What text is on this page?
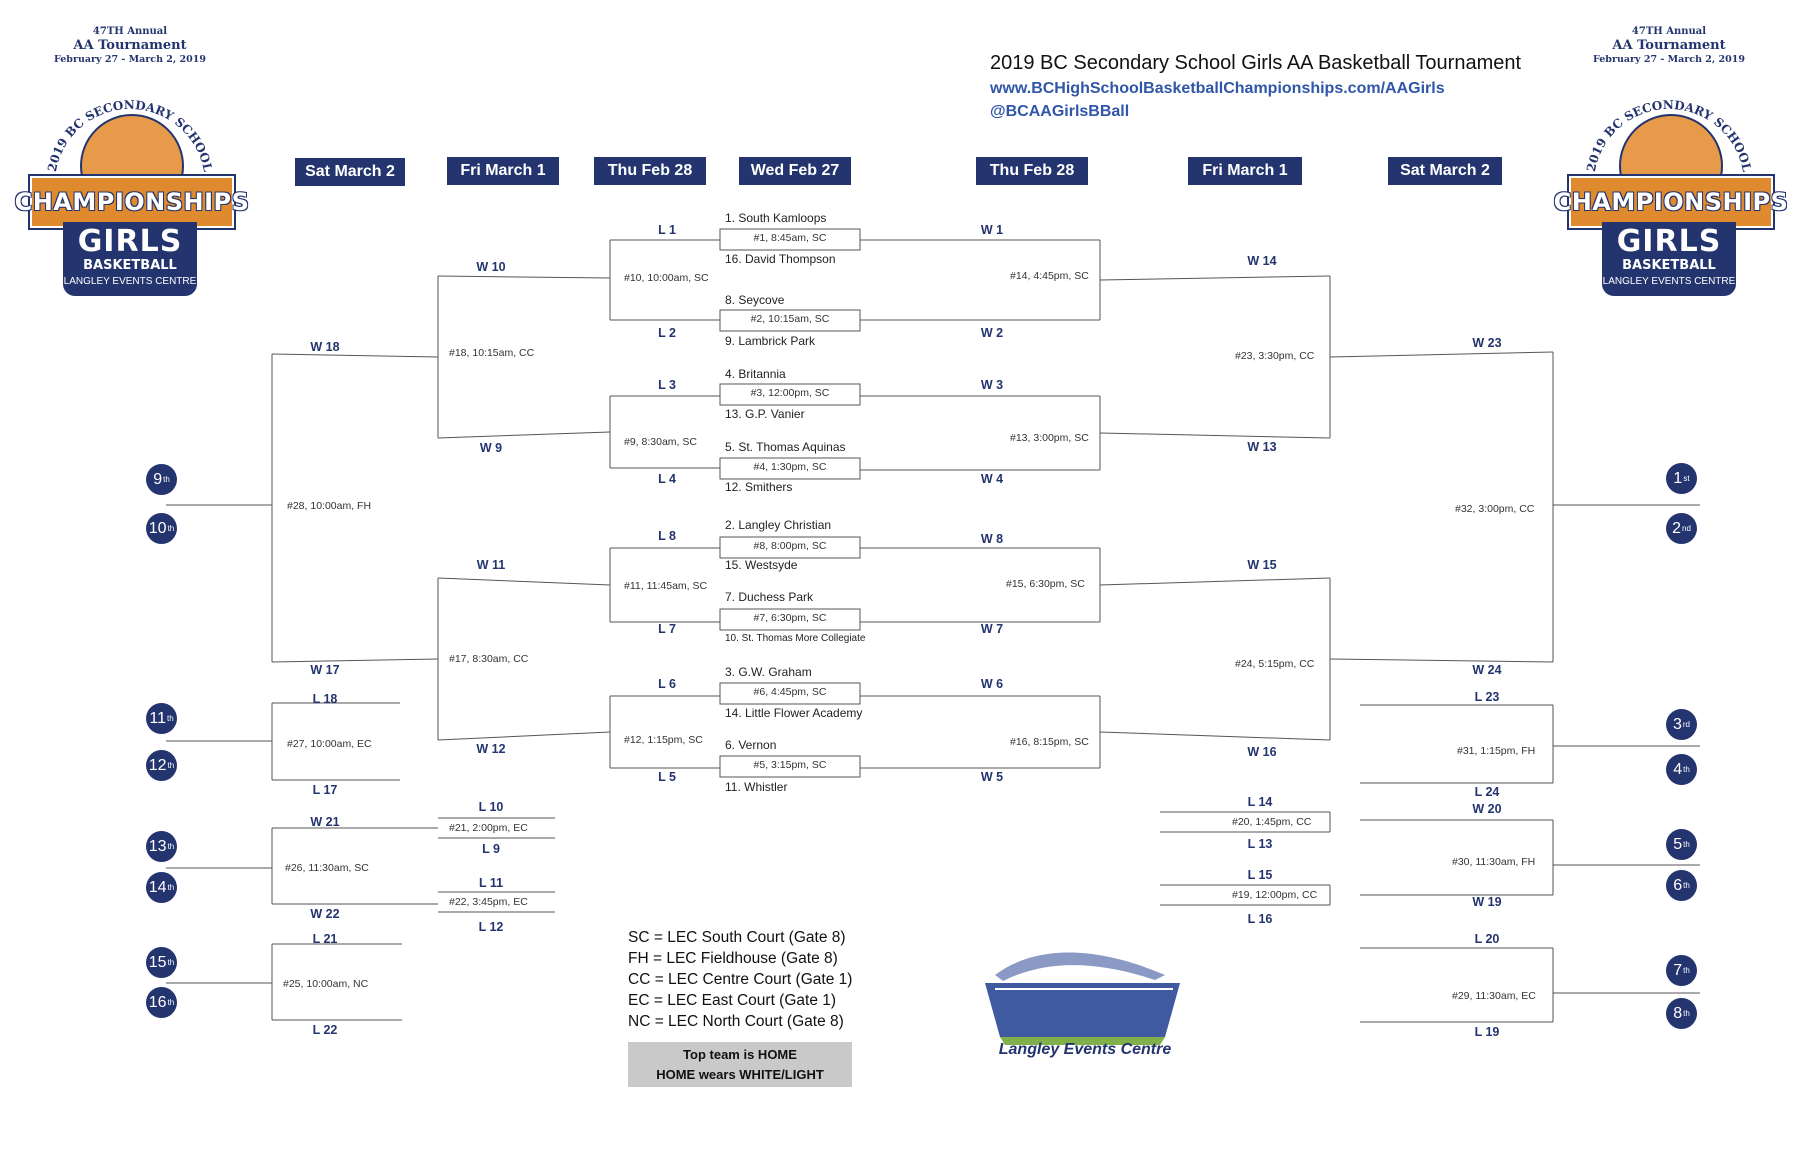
2019 BC Secondary School Girls AA Basketball Tournament
www.BCHighSchoolBasketballChampionships.com/AAGirls
@BCAAGirlsBBall
47TH Annual
AA Tournament
February 27 - March 2, 2019
2019 BC SECONDARY SCHOOL
CHAMPIONSHIPS
GIRLS
BASKETBALL
LANGLEY EVENTS CENTRE
47TH Annual
AA Tournament
February 27 - March 2, 2019
2019 BC SECONDARY SCHOOL
CHAMPIONSHIPS
GIRLS
BASKETBALL
LANGLEY EVENTS CENTRE
Sat March 2	Fri March 1	Thu Feb 28	Wed Feb 27	Thu Feb 28	Fri March 1	Sat March 2
1. South Kamloops
16. David Thompson
8. Seycove
9. Lambrick Park
4. Britannia
13. G.P. Vanier
5. St. Thomas Aquinas
12. Smithers
2. Langley Christian
15. Westsyde
7. Duchess Park
10. St. Thomas More Collegiate
3. G.W. Graham
14. Little Flower Academy
6. Vernon
11. Whistler
#1, 8:45am, SC
#2, 10:15am, SC
#3, 12:00pm, SC
#4, 1:30pm, SC
#8, 8:00pm, SC
#7, 6:30pm, SC
#6, 4:45pm, SC
#5, 3:15pm, SC
#10, 10:00am, SC
#9, 8:30am, SC
#11, 11:45am, SC
#12, 1:15pm, SC
#14, 4:45pm, SC
#13, 3:00pm, SC
#15, 6:30pm, SC
#16, 8:15pm, SC
#18, 10:15am, CC
#17, 8:30am, CC
#23, 3:30pm, CC
#24, 5:15pm, CC
#28, 10:00am, FH	#32, 3:00pm, CC
#27, 10:00am, EC
#26, 11:30am, SC
#25, 10:00am, NC
#21, 2:00pm, EC
#22, 3:45pm, EC
#31, 1:15pm, FH
#30, 11:30am, FH
#29, 11:30am, EC
#20, 1:45pm, CC
#19, 12:00pm, CC
L 1
L 2
L 3
L 4
L 8
L 7
L 6
L 5
W 1
W 2
W 3
W 4
W 8
W 7
W 6
W 5
W 10
W 9
W 11
W 12
W 14
W 13
W 15
W 16
W 18
W 17
W 23
W 24
L 18
L 17
W 21
W 22
L 21
L 22
L 10
L 9
L 11
L 12
L 23
L 24
W 20
W 19
L 20
L 19
L 14
L 13
L 15
L 16
9 th
10 th
11 th
12 th
13 th
14 th
15 th
16 th
1 st
2 nd
3 rd
4 th
5 th
6 th
7 th
8 th
SC = LEC South Court (Gate 8)
FH = LEC Fieldhouse (Gate 8)
CC = LEC Centre Court (Gate 1)
EC = LEC East Court (Gate 1)
NC = LEC North Court (Gate 8)
Top team is HOME
HOME wears WHITE/LIGHT
Langley Events Centre
